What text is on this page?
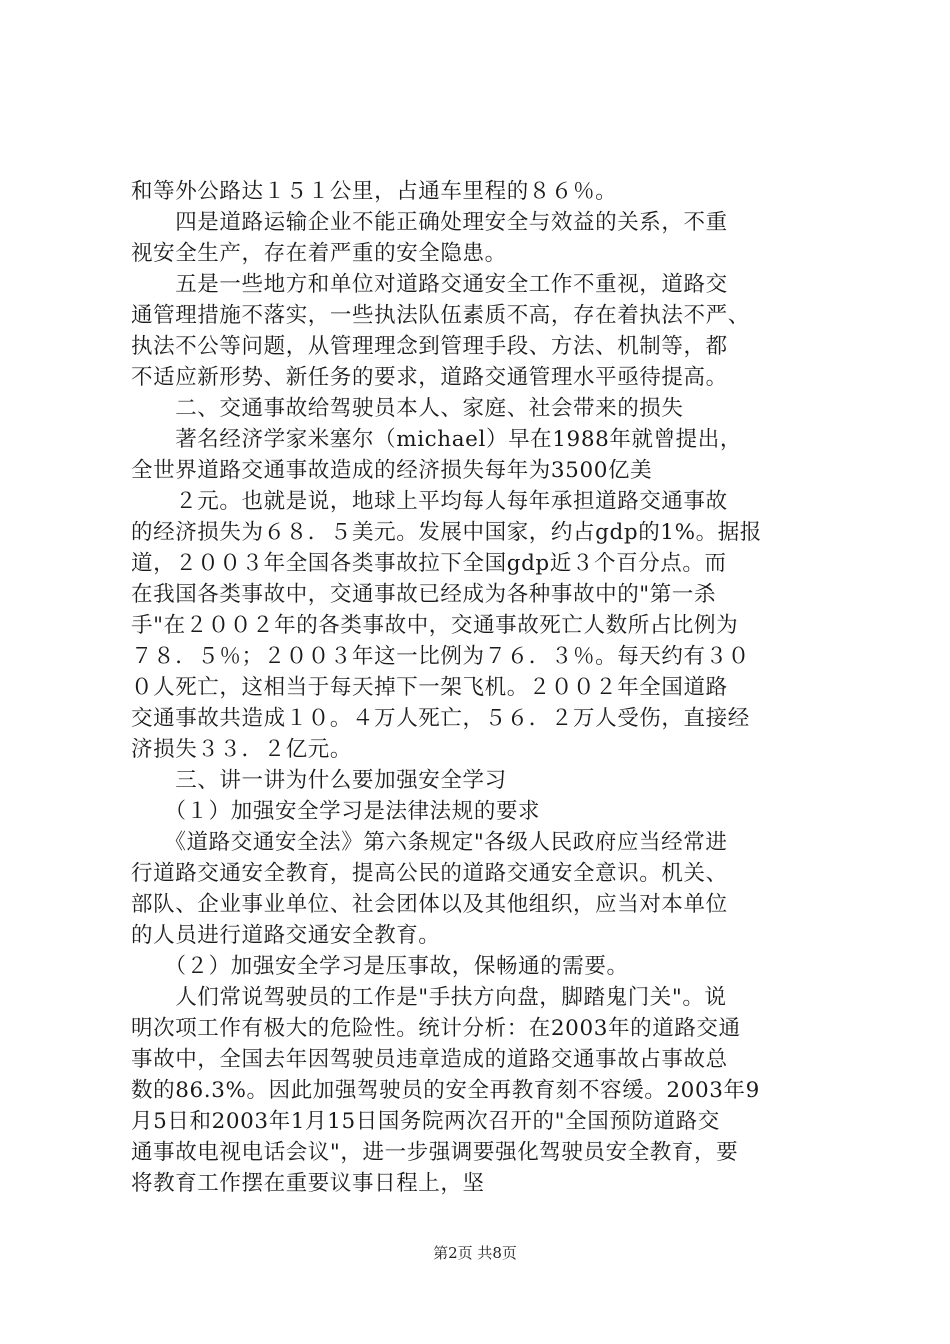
和等外公路达１５１公里，占通车里程的８６％。
　　四是道路运输企业不能正确处理安全与效益的关系，不重
视安全生产，存在着严重的安全隐患。
　　五是一些地方和单位对道路交通安全工作不重视，道路交
通管理措施不落实，一些执法队伍素质不高，存在着执法不严、
执法不公等问题，从管理理念到管理手段、方法、机制等，都
不适应新形势、新任务的要求，道路交通管理水平亟待提高。
　　二、交通事故给驾驶员本人、家庭、社会带来的损失
　　著名经济学家米塞尔（michael）早在1988年就曾提出，
全世界道路交通事故造成的经济损失每年为3500亿美
　　２元。也就是说，地球上平均每人每年承担道路交通事故
的经济损失为６８．５美元。发展中国家，约占gdp的1%。据报
道，２００３年全国各类事故拉下全国gdp近３个百分点。而
在我国各类事故中，交通事故已经成为各种事故中的"第一杀
手"在２００２年的各类事故中，交通事故死亡人数所占比例为
７８．５％；２００３年这一比例为７６．３％。每天约有３０
０人死亡，这相当于每天掉下一架飞机。２００２年全国道路
交通事故共造成１０。４万人死亡，５６．２万人受伤，直接经
济损失３３．２亿元。
　　三、讲一讲为什么要加强安全学习
　　（１）加强安全学习是法律法规的要求
　　《道路交通安全法》第六条规定"各级人民政府应当经常进
行道路交通安全教育，提高公民的道路交通安全意识。机关、
部队、企业事业单位、社会团体以及其他组织，应当对本单位
的人员进行道路交通安全教育。
　　（２）加强安全学习是压事故，保畅通的需要。
　　人们常说驾驶员的工作是"手扶方向盘，脚踏鬼门关"。说
明次项工作有极大的危险性。统计分析：在2003年的道路交通
事故中，全国去年因驾驶员违章造成的道路交通事故占事故总
数的86.3%。因此加强驾驶员的安全再教育刻不容缓。2003年9
月5日和2003年1月15日国务院两次召开的"全国预防道路交
通事故电视电话会议"，进一步强调要强化驾驶员安全教育，要
将教育工作摆在重要议事日程上，坚
第2页 共8页
